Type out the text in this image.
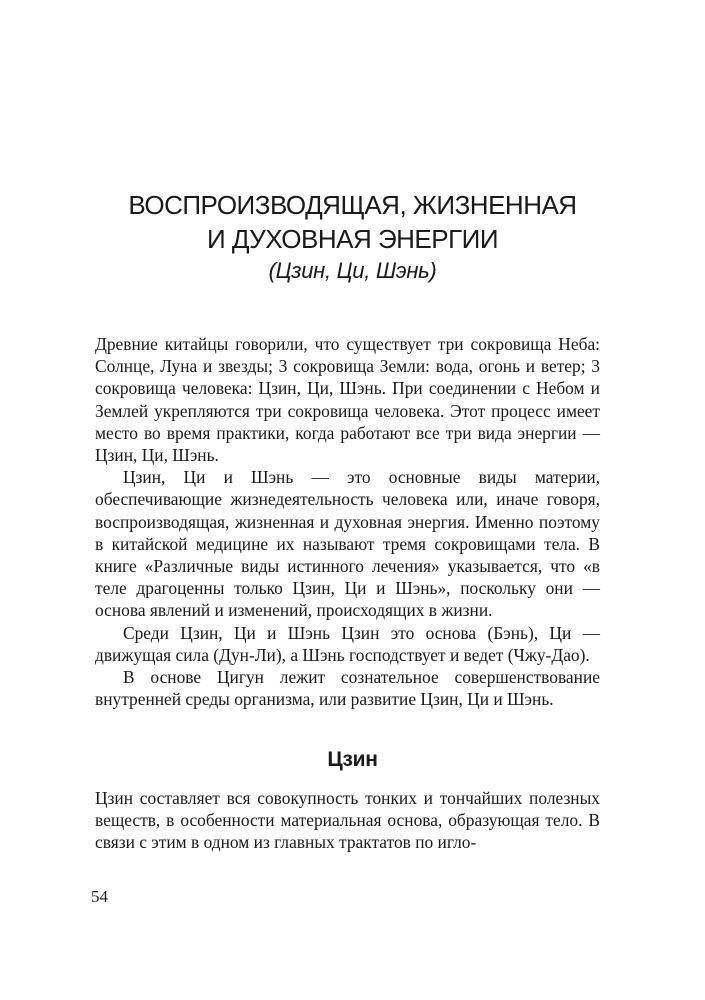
ВОСПРОИЗВОДЯЩАЯ, ЖИЗНЕННАЯ
И ДУХОВНАЯ ЭНЕРГИИ
(Цзин, Ци, Шэнь)

Древние китайцы говорили, что существует три сокровища Неба: Солнце, Луна и звезды; 3 сокровища Земли: вода, огонь и ветер; 3 сокровища человека: Цзин, Ци, Шэнь. При соединении с Небом и Землей укрепляются три сокровища человека. Этот процесс имеет место во время практики, когда работают все три вида энергии — Цзин, Ци, Шэнь.

Цзин, Ци и Шэнь — это основные виды материи, обеспечивающие жизнедеятельность человека или, иначе говоря, воспроизводящая, жизненная и духовная энергия. Именно поэтому в китайской медицине их называют тремя сокровищами тела. В книге «Различные виды истинного лечения» указывается, что «в теле драгоценны только Цзин, Ци и Шэнь», поскольку они — основа явлений и изменений, происходящих в жизни.

Среди Цзин, Ци и Шэнь Цзин это основа (Бэнь), Ци — движущая сила (Дун-Ли), а Шэнь господствует и ведет (Чжу-Дао).

В основе Цигун лежит сознательное совершенствование внутренней среды организма, или развитие Цзин, Ци и Шэнь.

Цзин

Цзин составляет вся совокупность тонких и тончайших полезных веществ, в особенности материальная основа, образующая тело. В связи с этим в одном из главных трактатов по игло-

54
